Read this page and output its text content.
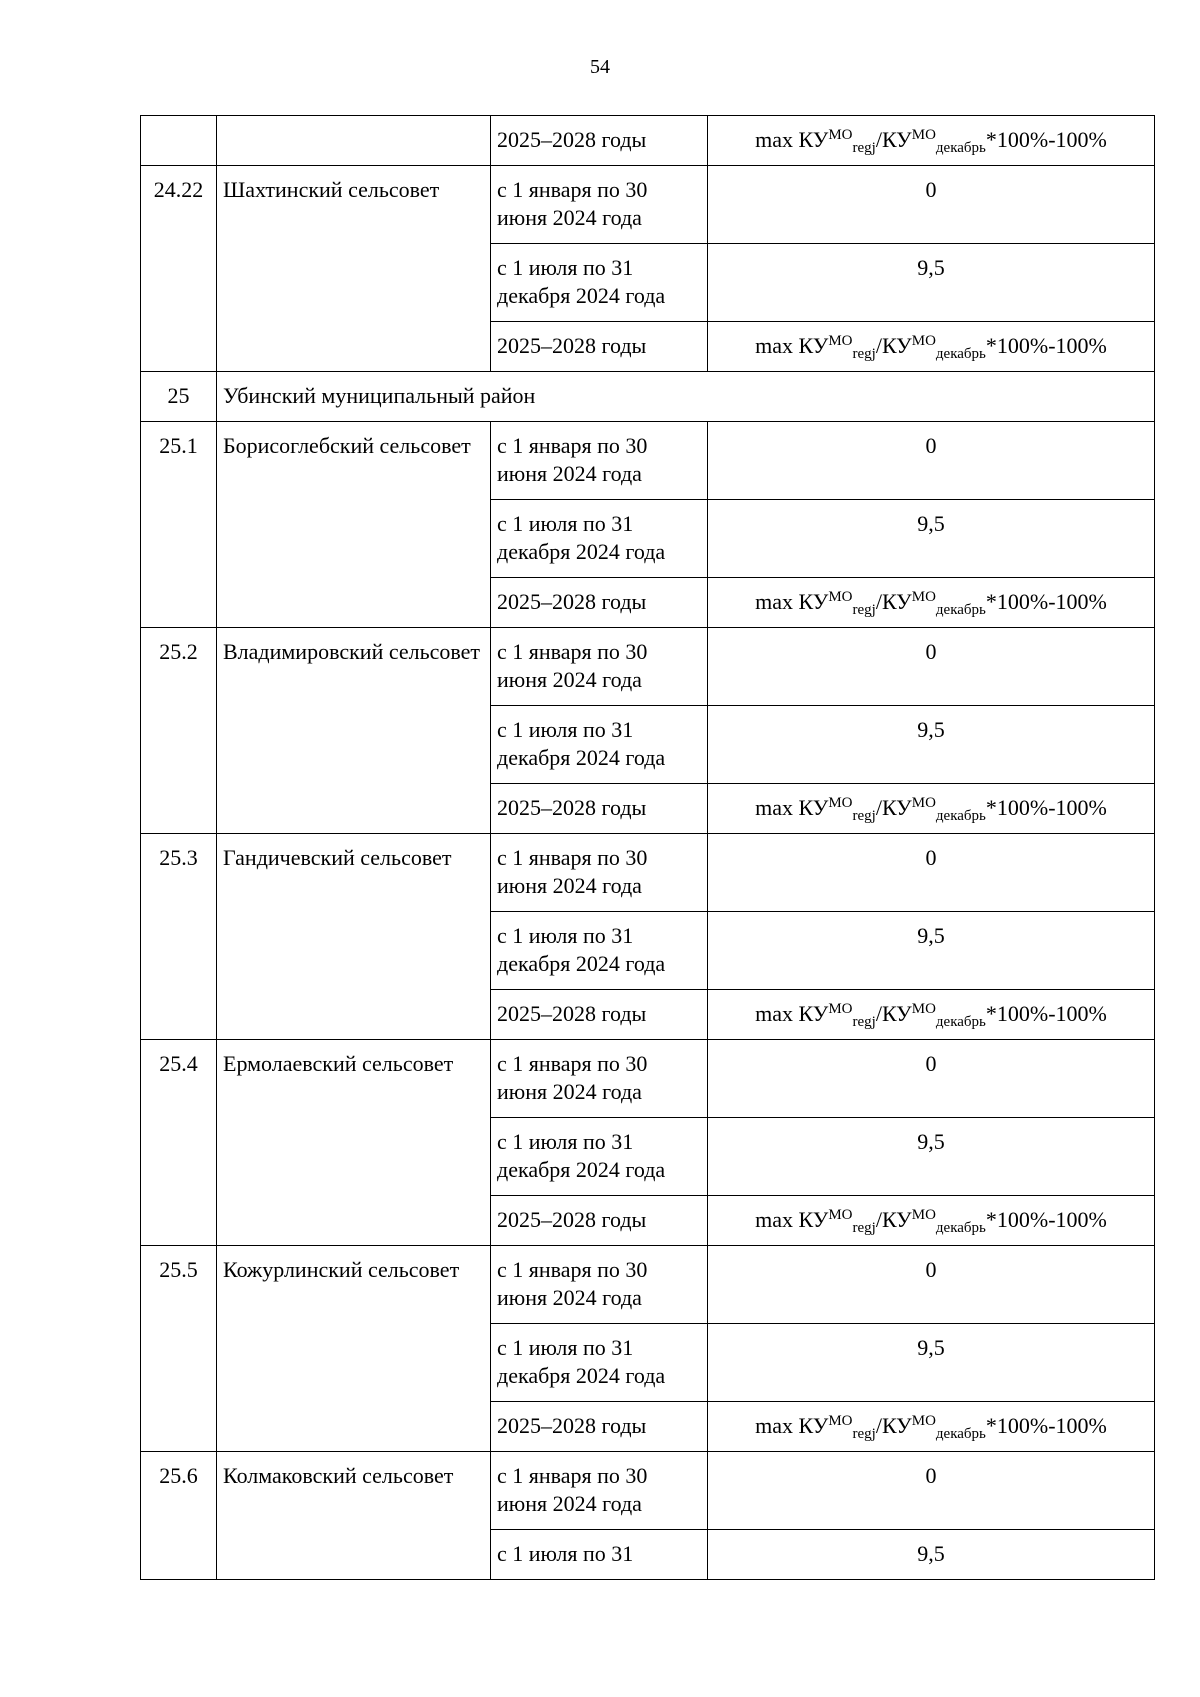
54
		2025–2028 годы	$\max КУ^{МО}_{regj}/КУ^{МО}_{декабрь}*100\%-100\%$
24.22	Шахтинский сельсовет	с 1 января по 30 июня 2024 года	0
		с 1 июля по 31 декабря 2024 года	9,5
		2025–2028 годы	$\max КУ^{МО}_{regj}/КУ^{МО}_{декабрь}*100\%-100\%$
25	Убинский муниципальный район		
25.1	Борисоглебский сельсовет	с 1 января по 30 июня 2024 года	0
		с 1 июля по 31 декабря 2024 года	9,5
		2025–2028 годы	$\max КУ^{МО}_{regj}/КУ^{МО}_{декабрь}*100\%-100\%$
25.2	Владимировский сельсовет	с 1 января по 30 июня 2024 года	0
		с 1 июля по 31 декабря 2024 года	9,5
		2025–2028 годы	$\max КУ^{МО}_{regj}/КУ^{МО}_{декабрь}*100\%-100\%$
25.3	Гандичевский сельсовет	с 1 января по 30 июня 2024 года	0
		с 1 июля по 31 декабря 2024 года	9,5
		2025–2028 годы	$\max КУ^{МО}_{regj}/КУ^{МО}_{декабрь}*100\%-100\%$
25.4	Ермолаевский сельсовет	с 1 января по 30 июня 2024 года	0
		с 1 июля по 31 декабря 2024 года	9,5
		2025–2028 годы	$\max КУ^{МО}_{regj}/КУ^{МО}_{декабрь}*100\%-100\%$
25.5	Кожурлинский сельсовет	с 1 января по 30 июня 2024 года	0
		с 1 июля по 31 декабря 2024 года	9,5
		2025–2028 годы	$\max КУ^{МО}_{regj}/КУ^{МО}_{декабрь}*100\%-100\%$
25.6	Колмаковский сельсовет	с 1 января по 30 июня 2024 года	0
		с 1 июля по 31	9,5
